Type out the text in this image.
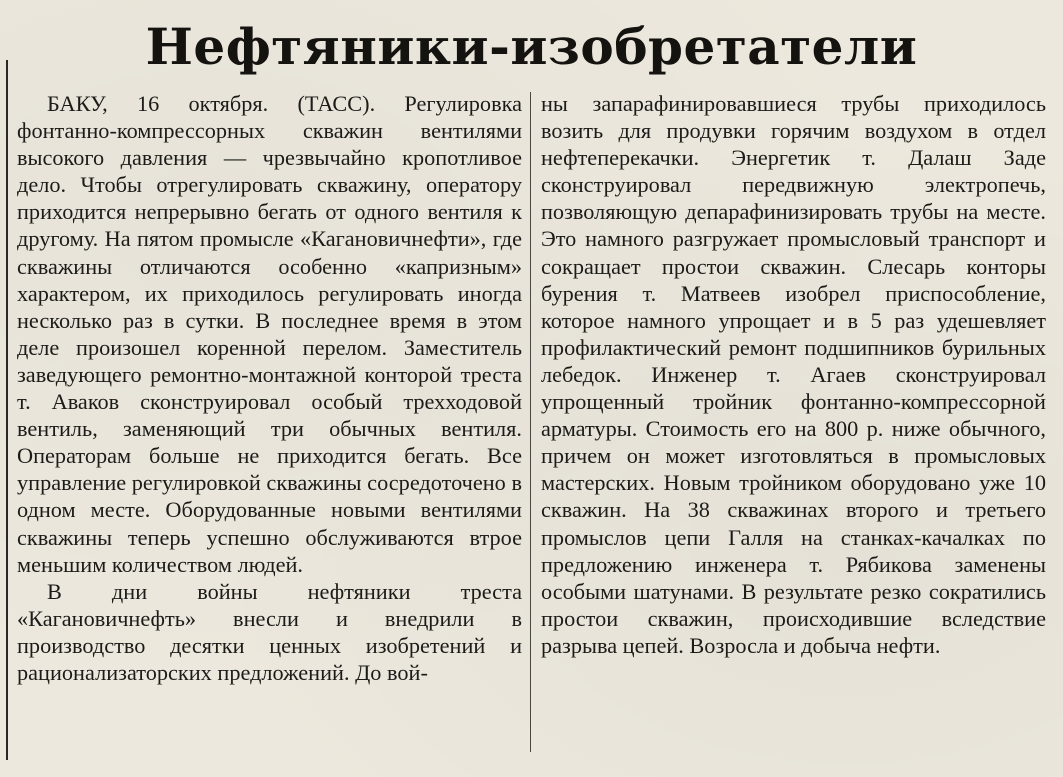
Нефтяники-изобретатели

БАКУ, 16 октября. (ТАСС). Регулировка фонтанно-компрессорных скважин вентилями высокого давления — чрезвычайно кропотливое дело. Чтобы отрегулировать скважину, оператору приходится непрерывно бегать от одного вентиля к другому. На пятом промысле «Кагановичнефти», где скважины отличаются особенно «капризным» характером, их приходилось регулировать иногда несколько раз в сутки. В последнее время в этом деле произошел коренной перелом. Заместитель заведующего ремонтно-монтажной конторой треста т. Аваков сконструировал особый трехходовой вентиль, заменяющий три обычных вентиля. Операторам больше не приходится бегать. Все управление регулировкой скважины сосредоточено в одном месте. Оборудованные новыми вентилями скважины теперь успешно обслуживаются втрое меньшим количеством людей.

В дни войны нефтяники треста «Кагановичнефть» внесли и внедрили в производство десятки ценных изобретений и рационализаторских предложений. До вой-

ны запарафинировавшиеся трубы приходилось возить для продувки горячим воздухом в отдел нефтеперекачки. Энергетик т. Далаш Заде сконструировал передвижную электропечь, позволяющую депарафинизировать трубы на месте. Это намного разгружает промысловый транспорт и сокращает простои скважин. Слесарь конторы бурения т. Матвеев изобрел приспособление, которое намного упрощает и в 5 раз удешевляет профилактический ремонт подшипников бурильных лебедок. Инженер т. Агаев сконструировал упрощенный тройник фонтанно-компрессорной арматуры. Стоимость его на 800 р. ниже обычного, причем он может изготовляться в промысловых мастерских. Новым тройником оборудовано уже 10 скважин. На 38 скважинах второго и третьего промыслов цепи Галля на станках-качалках по предложению инженера т. Рябикова заменены особыми шатунами. В результате резко сократились простои скважин, происходившие вследствие разрыва цепей. Возросла и добыча нефти.
